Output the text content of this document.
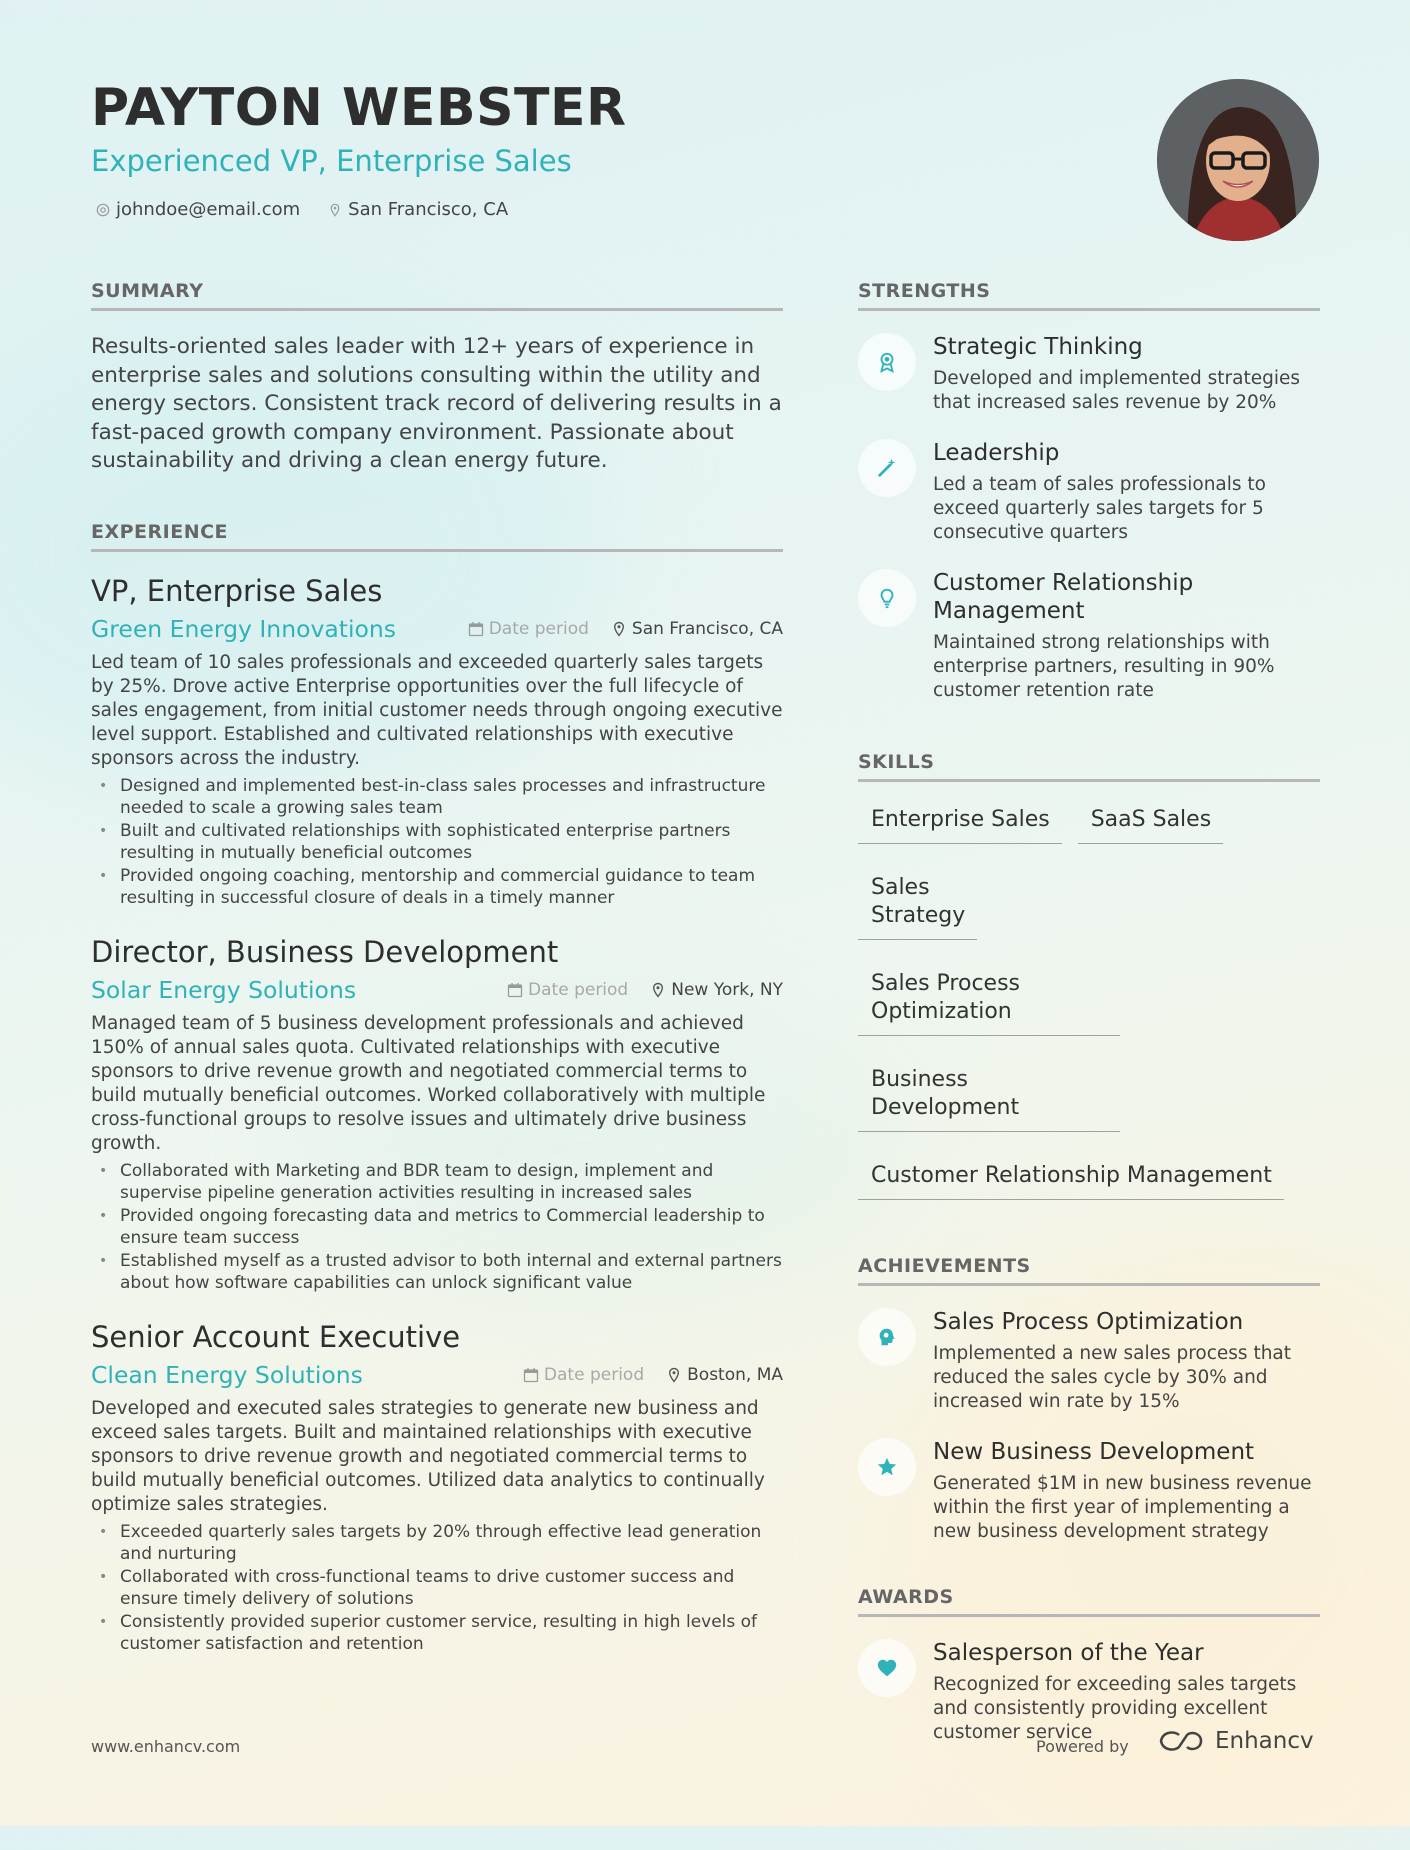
PAYTON WEBSTER
Experienced VP, Enterprise Sales
johndoe@email.com	San Francisco, CA
SUMMARY

Results-oriented sales leader with 12+ years of experience in enterprise sales and solutions consulting within the utility and energy sectors. Consistent track record of delivering results in a fast-paced growth company environment. Passionate about sustainability and driving a clean energy future.

EXPERIENCE
VP, Enterprise Sales
Green Energy Innovations	Date period	San Francisco, CA

Led team of 10 sales professionals and exceeded quarterly sales targets by 25%. Drove active Enterprise opportunities over the full lifecycle of sales engagement, from initial customer needs through ongoing executive level support. Established and cultivated relationships with executive sponsors across the industry.

• Designed and implemented best-in-class sales processes and infrastructure needed to scale a growing sales team
• Built and cultivated relationships with sophisticated enterprise partners resulting in mutually beneficial outcomes
• Provided ongoing coaching, mentorship and commercial guidance to team resulting in successful closure of deals in a timely manner
Director, Business Development
Solar Energy Solutions	Date period	New York, NY

Managed team of 5 business development professionals and achieved 150% of annual sales quota. Cultivated relationships with executive sponsors to drive revenue growth and negotiated commercial terms to build mutually beneficial outcomes. Worked collaboratively with multiple cross-functional groups to resolve issues and ultimately drive business growth.

• Collaborated with Marketing and BDR team to design, implement and supervise pipeline generation activities resulting in increased sales
• Provided ongoing forecasting data and metrics to Commercial leadership to ensure team success
• Established myself as a trusted advisor to both internal and external partners about how software capabilities can unlock significant value
Senior Account Executive
Clean Energy Solutions	Date period	Boston, MA

Developed and executed sales strategies to generate new business and exceed sales targets. Built and maintained relationships with executive sponsors to drive revenue growth and negotiated commercial terms to build mutually beneficial outcomes. Utilized data analytics to continually optimize sales strategies.

• Exceeded quarterly sales targets by 20% through effective lead generation and nurturing
• Collaborated with cross-functional teams to drive customer success and ensure timely delivery of solutions
• Consistently provided superior customer service, resulting in high levels of customer satisfaction and retention
STRENGTHS

Strategic Thinking

Developed and implemented strategies that increased sales revenue by 20%

Leadership

Led a team of sales professionals to exceed quarterly sales targets for 5 consecutive quarters

Customer Relationship Management

Maintained strong relationships with enterprise partners, resulting in 90% customer retention rate

SKILLS
Enterprise Sales	SaaS Sales
Sales Strategy
Sales Process Optimization
Business Development
Customer Relationship Management
ACHIEVEMENTS

Sales Process Optimization

Implemented a new sales process that reduced the sales cycle by 30% and increased win rate by 15%

New Business Development

Generated $1M in new business revenue within the first year of implementing a new business development strategy

AWARDS

Salesperson of the Year

Recognized for exceeding sales targets and consistently providing excellent customer service

www.enhancv.com	Powered by	Enhancv
